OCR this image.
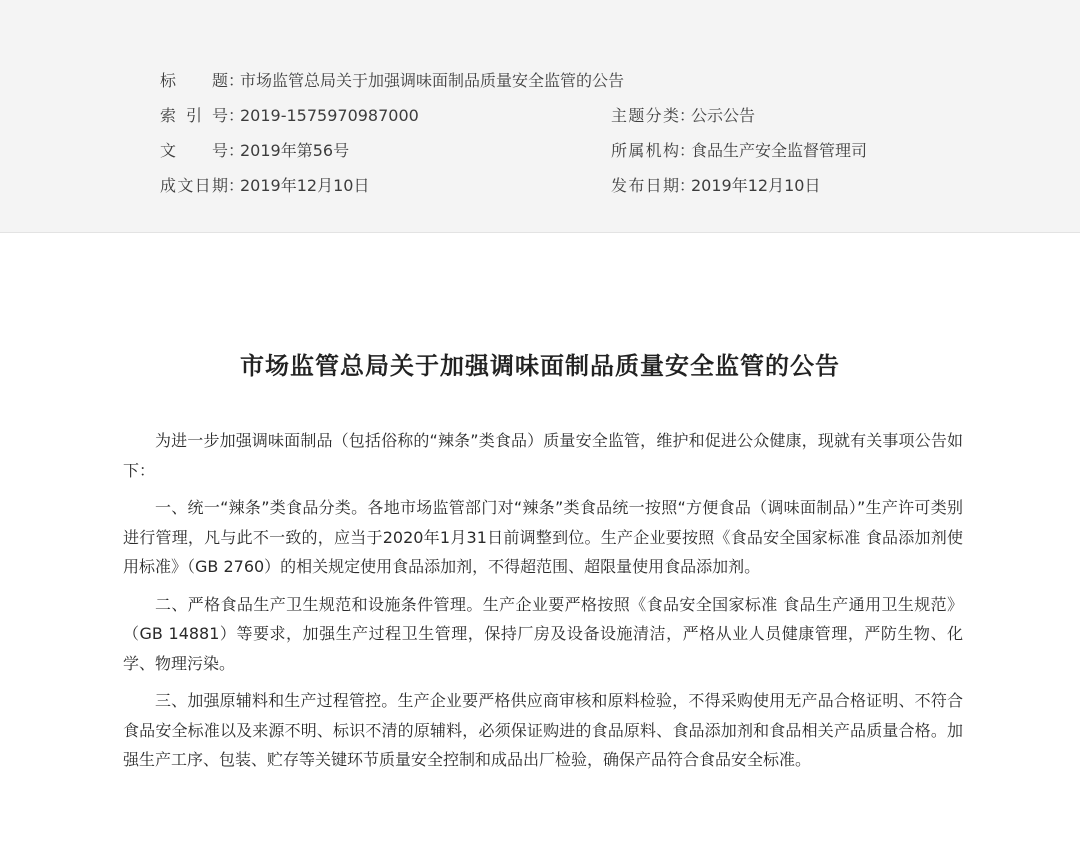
标　　题：市场监管总局关于加强调味面制品质量安全监管的公告
索 引 号：2019-1575970987000	主题分类：公示公告
文　　号：2019年第56号	所属机构：食品生产安全监督管理司
成文日期：2019年12月10日	发布日期：2019年12月10日
市场监管总局关于加强调味面制品质量安全监管的公告

为进一步加强调味面制品（包括俗称的“辣条”类食品）质量安全监管，维护和促进公众健康，现就有关事项公告如下：

一、统一“辣条”类食品分类。各地市场监管部门对“辣条”类食品统一按照“方便食品（调味面制品）”生产许可类别进行管理，凡与此不一致的，应当于2020年1月31日前调整到位。生产企业要按照《食品安全国家标准 食品添加剂使用标准》（GB 2760）的相关规定使用食品添加剂，不得超范围、超限量使用食品添加剂。

二、严格食品生产卫生规范和设施条件管理。生产企业要严格按照《食品安全国家标准 食品生产通用卫生规范》（GB 14881）等要求，加强生产过程卫生管理，保持厂房及设备设施清洁，严格从业人员健康管理，严防生物、化学、物理污染。

三、加强原辅料和生产过程管控。生产企业要严格供应商审核和原料检验，不得采购使用无产品合格证明、不符合食品安全标准以及来源不明、标识不清的原辅料，必须保证购进的食品原料、食品添加剂和食品相关产品质量合格。加强生产工序、包装、贮存等关键环节质量安全控制和成品出厂检验，确保产品符合食品安全标准。
